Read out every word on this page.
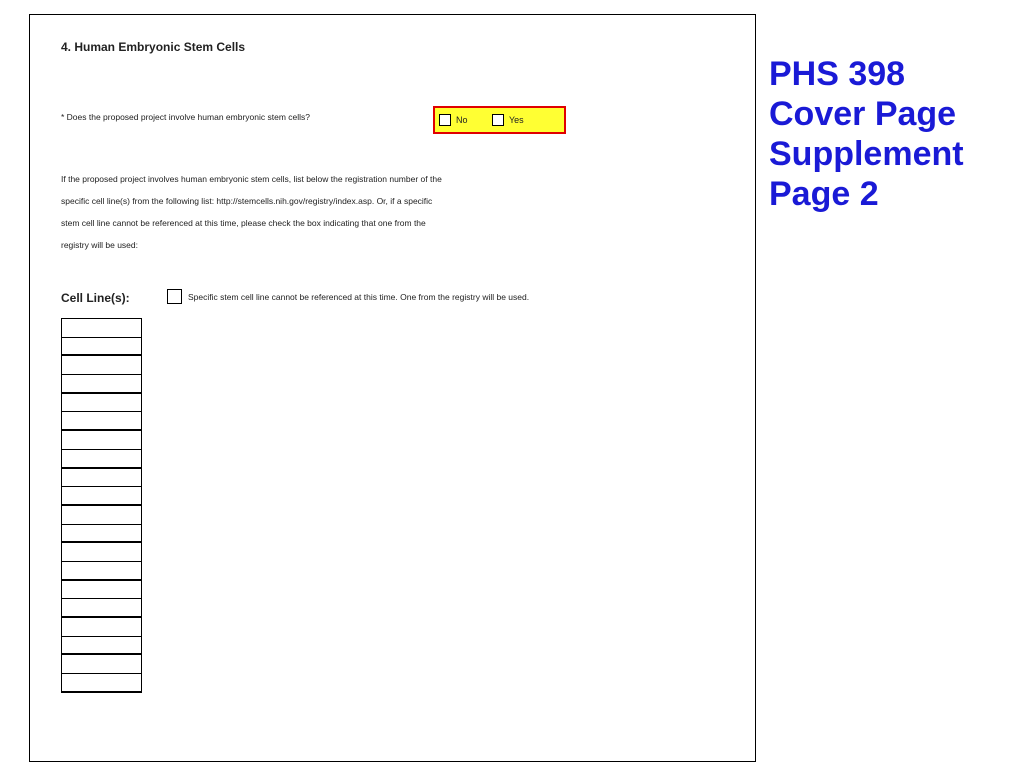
4. Human Embryonic Stem Cells
* Does the proposed project involve human embryonic stem cells?	No	Yes

If the proposed project involves human embryonic stem cells, list below the registration number of the

specific cell line(s) from the following list: http://stemcells.nih.gov/registry/index.asp. Or, if a specific

stem cell line cannot be referenced at this time, please check the box indicating that one from the

registry will be used:

Cell Line(s):	Specific stem cell line cannot be referenced at this time. One from the registry will be used.
PHS 398
Cover Page
Supplement
Page 2
